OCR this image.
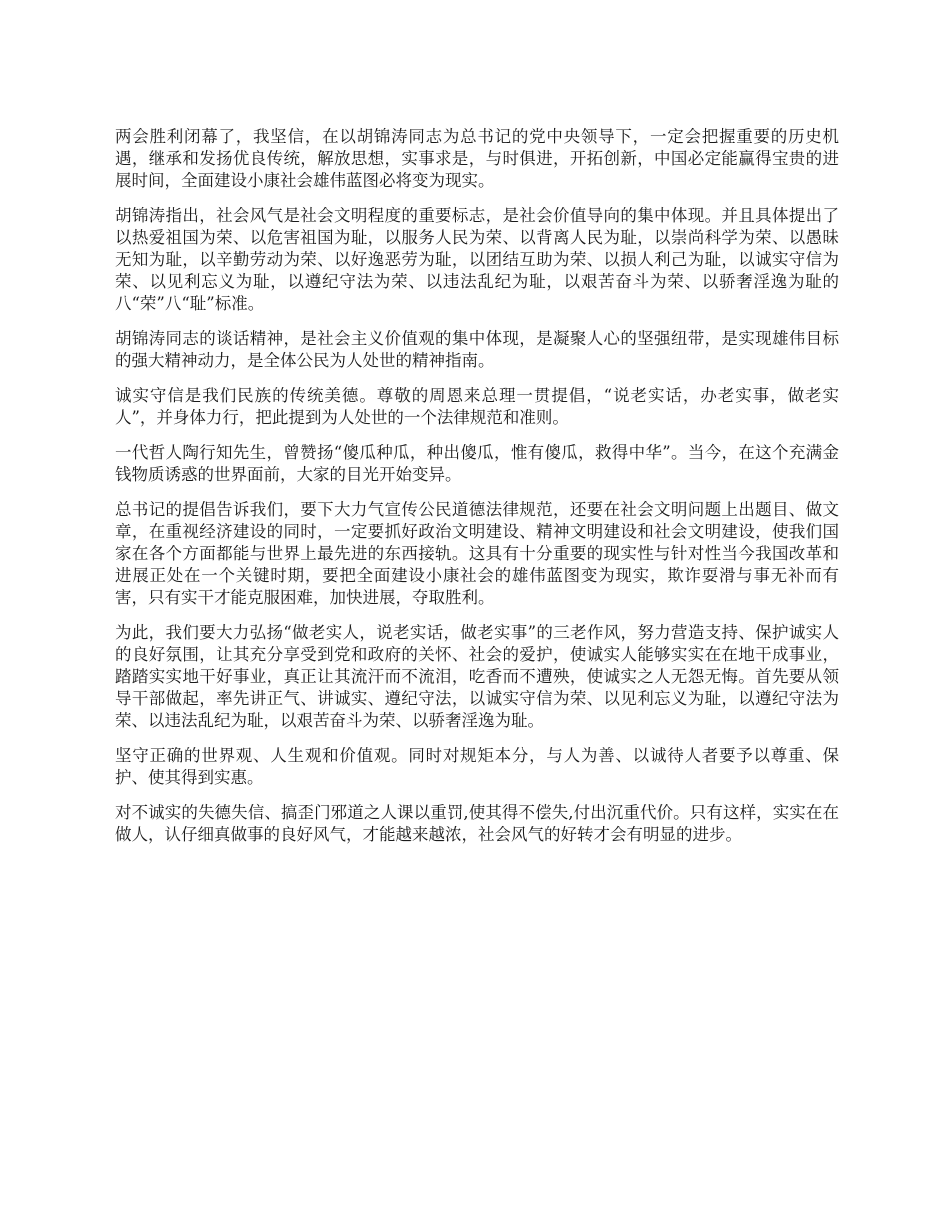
两会胜利闭幕了，我坚信，在以胡锦涛同志为总书记的党中央领导下，一定会把握重要的历史机遇，继承和发扬优良传统，解放思想，实事求是，与时俱进，开拓创新，中国必定能赢得宝贵的进展时间，全面建设小康社会雄伟蓝图必将变为现实。

胡锦涛指出，社会风气是社会文明程度的重要标志，是社会价值导向的集中体现。并且具体提出了以热爱祖国为荣、以危害祖国为耻，以服务人民为荣、以背离人民为耻，以崇尚科学为荣、以愚昧无知为耻，以辛勤劳动为荣、以好逸恶劳为耻，以团结互助为荣、以损人利己为耻，以诚实守信为荣、以见利忘义为耻，以遵纪守法为荣、以违法乱纪为耻，以艰苦奋斗为荣、以骄奢淫逸为耻的八“荣”八“耻”标准。

胡锦涛同志的谈话精神，是社会主义价值观的集中体现，是凝聚人心的坚强纽带，是实现雄伟目标的强大精神动力，是全体公民为人处世的精神指南。

诚实守信是我们民族的传统美德。尊敬的周恩来总理一贯提倡，“说老实话，办老实事，做老实人”，并身体力行，把此提到为人处世的一个法律规范和准则。

一代哲人陶行知先生，曾赞扬“傻瓜种瓜，种出傻瓜，惟有傻瓜，救得中华”。当今，在这个充满金钱物质诱惑的世界面前，大家的目光开始变异。

总书记的提倡告诉我们，要下大力气宣传公民道德法律规范，还要在社会文明问题上出题目、做文章，在重视经济建设的同时，一定要抓好政治文明建设、精神文明建设和社会文明建设，使我们国家在各个方面都能与世界上最先进的东西接轨。这具有十分重要的现实性与针对性当今我国改革和进展正处在一个关键时期，要把全面建设小康社会的雄伟蓝图变为现实，欺诈耍滑与事无补而有害，只有实干才能克服困难，加快进展，夺取胜利。

为此，我们要大力弘扬“做老实人，说老实话，做老实事”的三老作风，努力营造支持、保护诚实人的良好氛围，让其充分享受到党和政府的关怀、社会的爱护，使诚实人能够实实在在地干成事业，踏踏实实地干好事业，真正让其流汗而不流泪，吃香而不遭殃，使诚实之人无怨无悔。首先要从领导干部做起，率先讲正气、讲诚实、遵纪守法，以诚实守信为荣、以见利忘义为耻，以遵纪守法为荣、以违法乱纪为耻，以艰苦奋斗为荣、以骄奢淫逸为耻。

坚守正确的世界观、人生观和价值观。同时对规矩本分，与人为善、以诚待人者要予以尊重、保护、使其得到实惠。

对不诚实的失德失信、搞歪门邪道之人课以重罚,使其得不偿失,付出沉重代价。只有这样，实实在在做人，认仔细真做事的良好风气，才能越来越浓，社会风气的好转才会有明显的进步。
